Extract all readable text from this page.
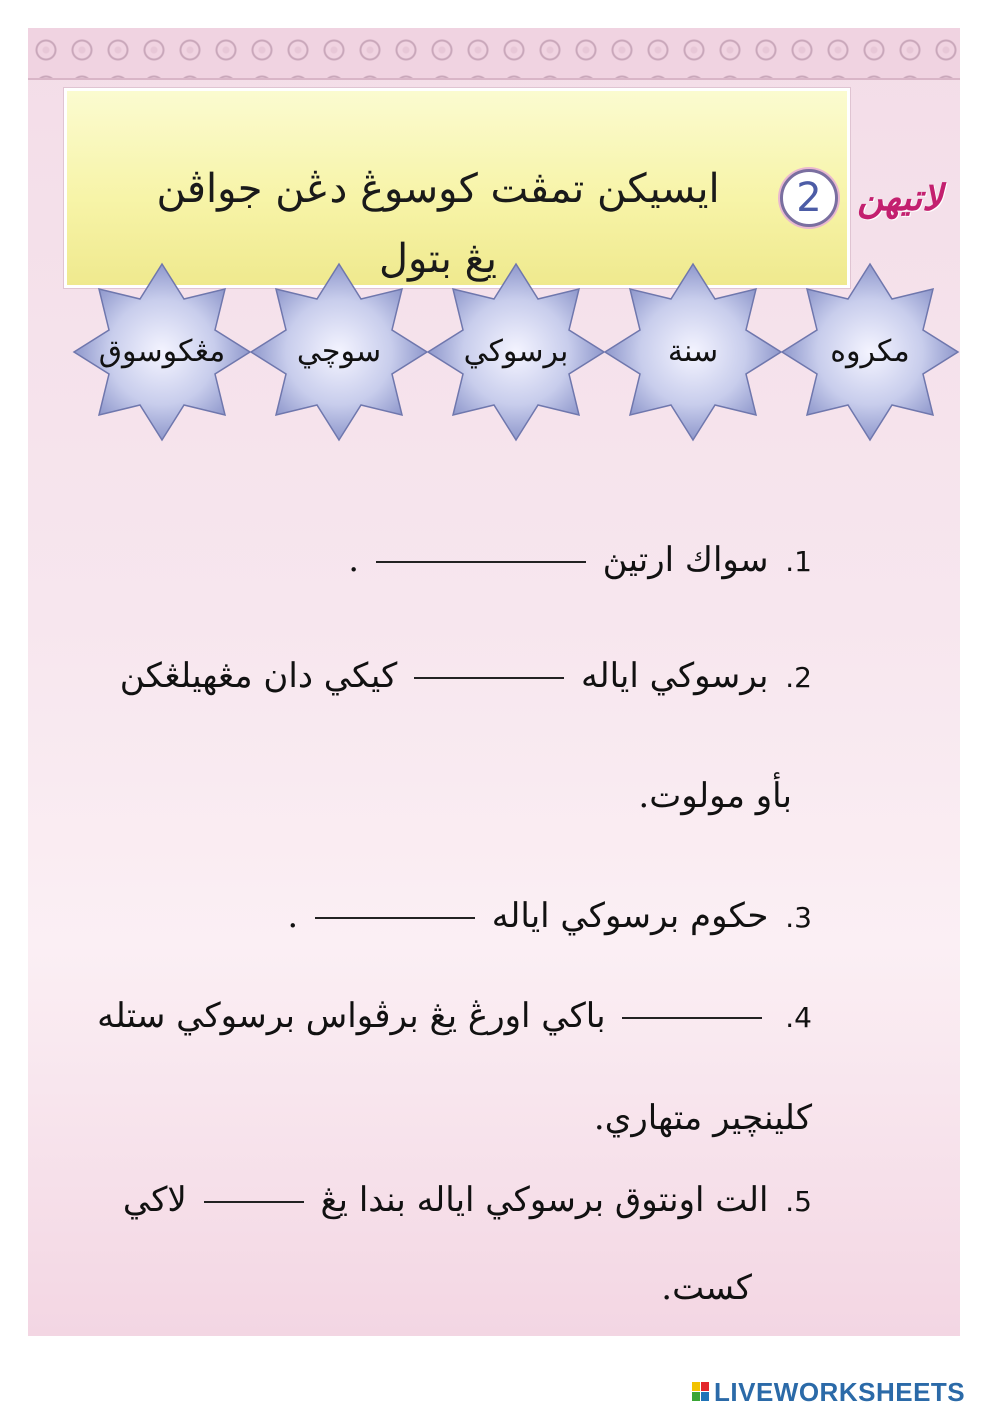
ايسيكن تمڤت كوسوڠ دڠن جواڤن يڠ بتول
2 لاتيهن
مكروه
سنة
برسوكي
سوچي
مڠكوسوق
1. سواك ارتيڽ  .
2. برسوكي اياله  كيكي دان مڠهيلڠكن
بأو مولوت.
3. حكوم برسوكي اياله  .
4.  باكي اورڠ يڠ برڤواس برسوكي ستله
كلينچير متهاري.
5. الت اونتوق برسوكي اياله بندا يڠ  لاكي
كست.
LIVEWORKSHEETS
